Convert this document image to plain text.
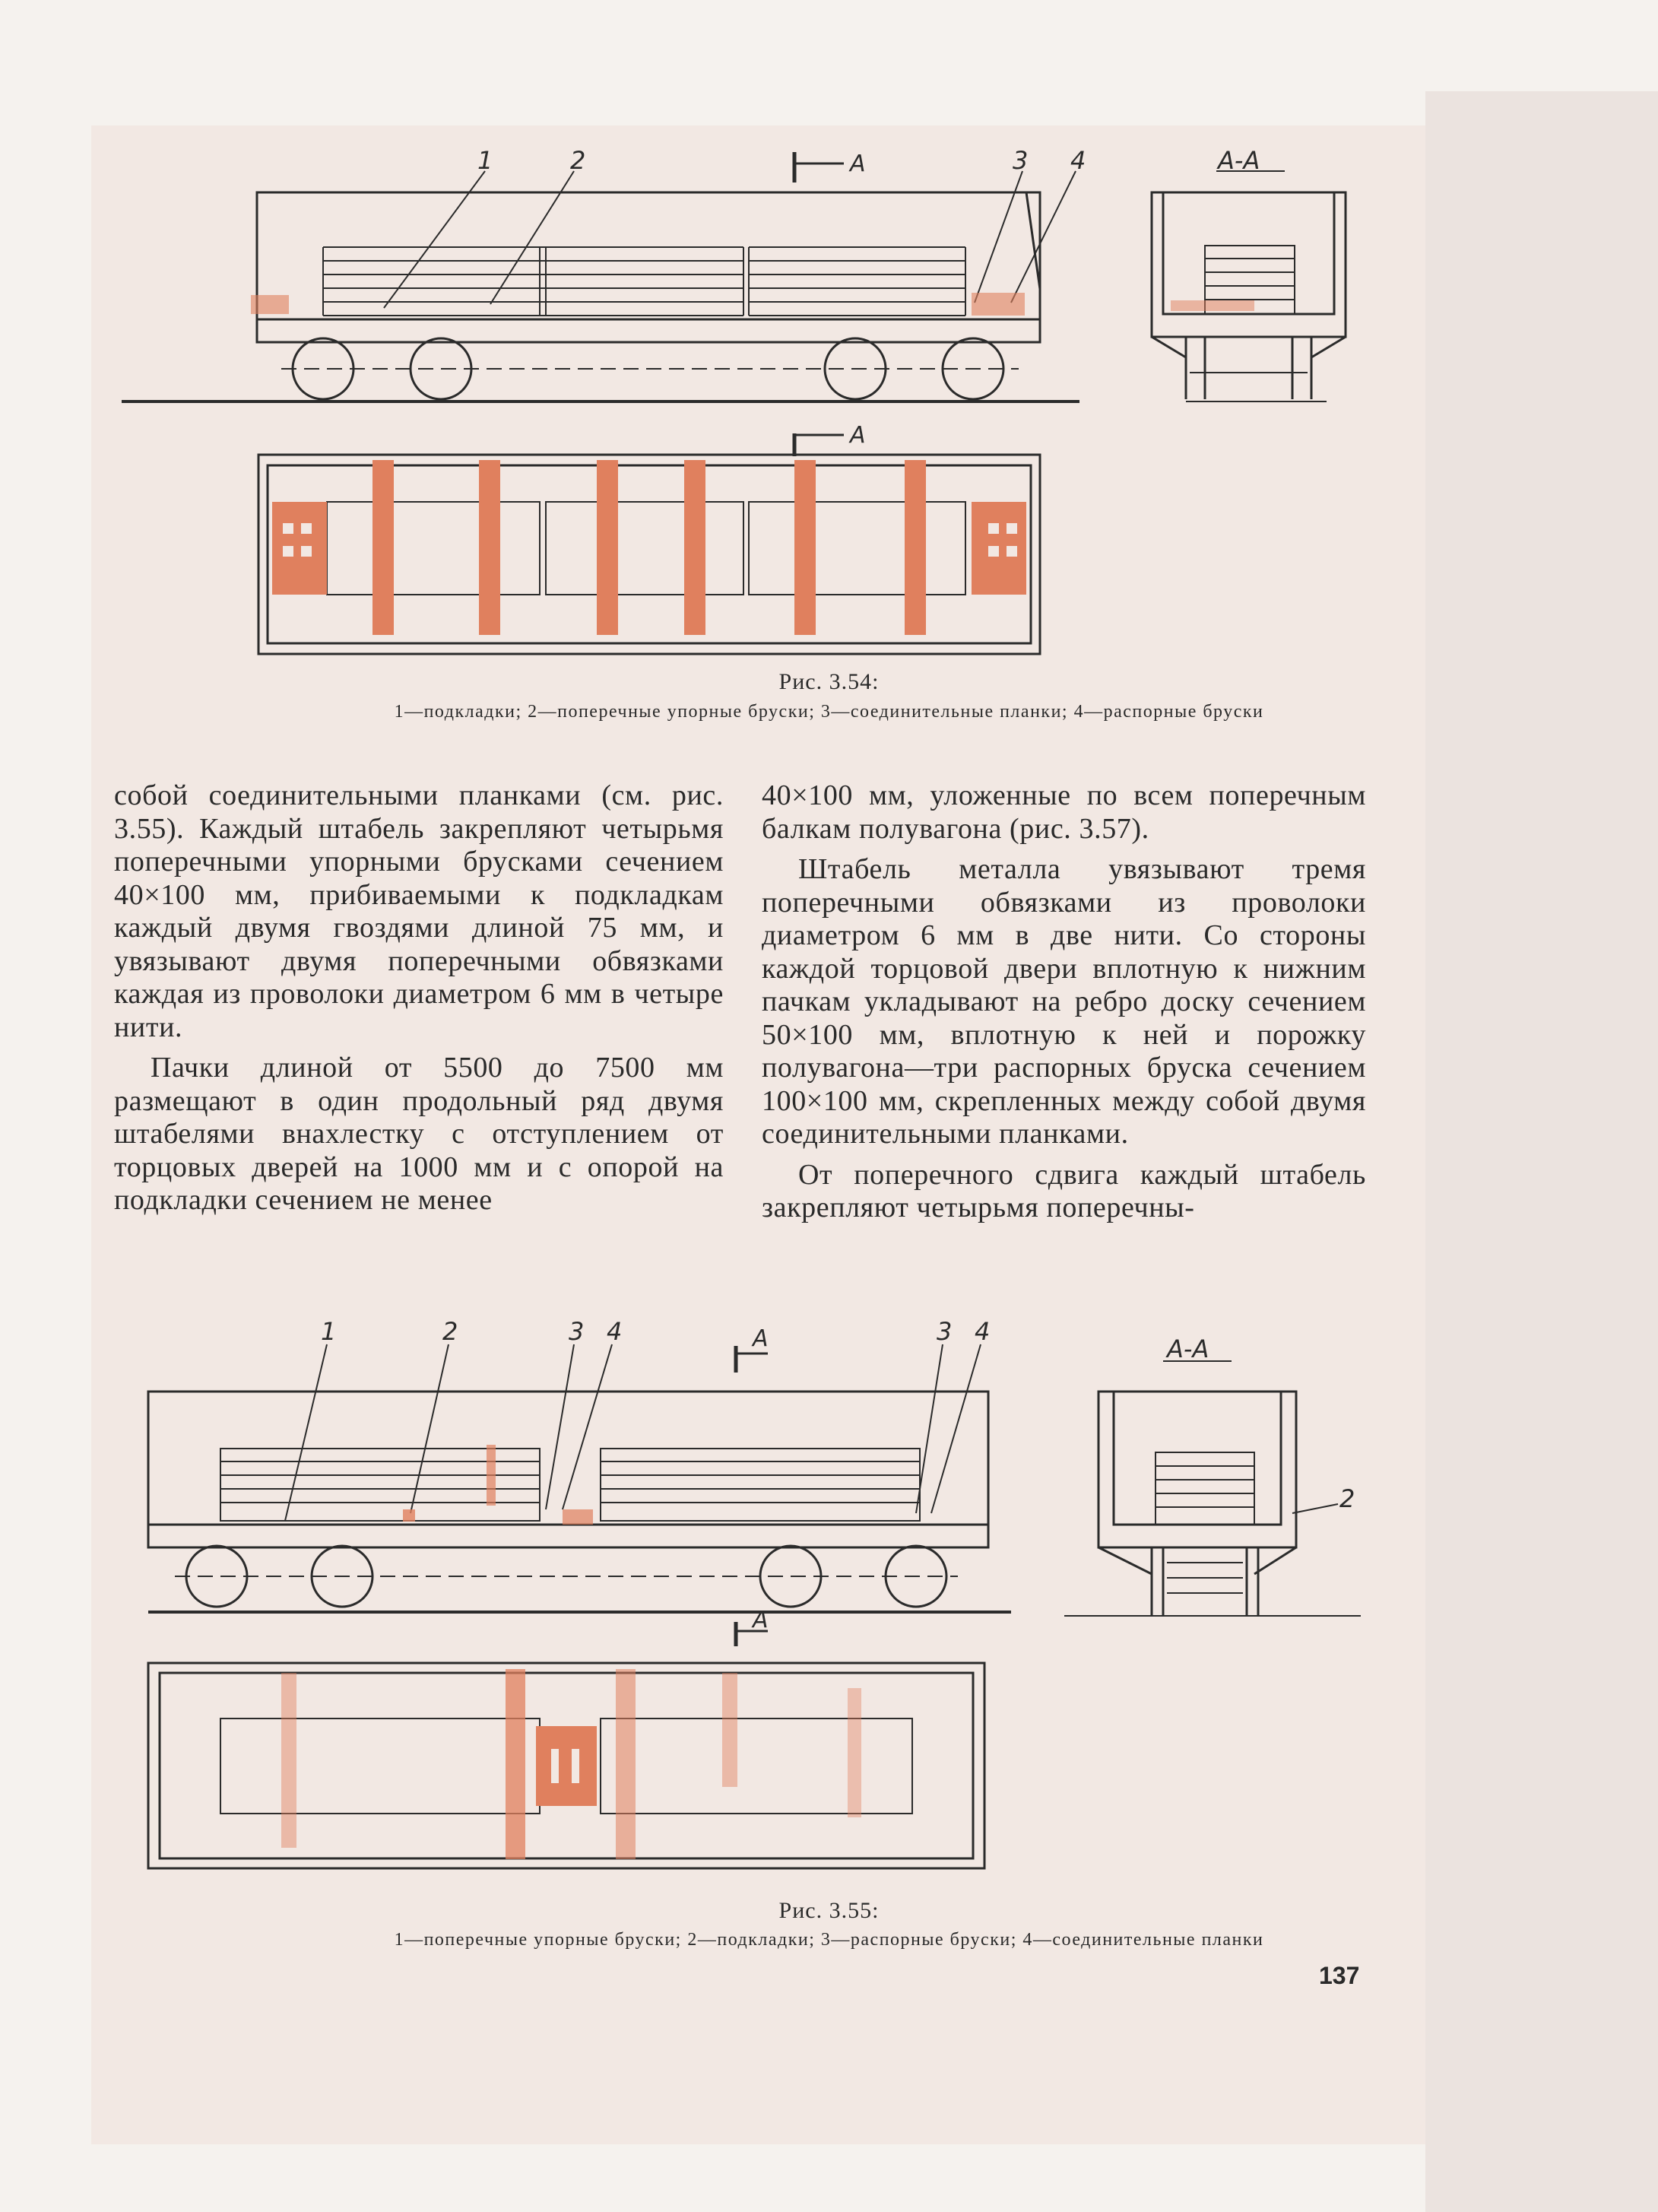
1	2	3 4
A
A
А-А
Рис. 3.54:
1—подкладки; 2—поперечные упорные бруски; 3—соединительные планки; 4—распорные бруски

собой соединительными планками (см. рис. 3.55). Каждый штабель закрепляют четырьмя поперечными упорными брусками сечением 40×100 мм, прибиваемыми к подкладкам каждый двумя гвоздями длиной 75 мм, и увязывают двумя поперечными обвязками каждая из проволоки диаметром 6 мм в четыре нити.

Пачки длиной от 5500 до 7500 мм размещают в один продольный ряд двумя штабелями внахлестку с отступлением от торцовых дверей на 1000 мм и с опорой на подкладки сечением не менее

40×100 мм, уложенные по всем поперечным балкам полувагона (рис. 3.57).

Штабель металла увязывают тремя поперечными обвязками из проволоки диаметром 6 мм в две нити. Со стороны каждой торцовой двери вплотную к нижним пачкам укладывают на ребро доску сечением 50×100 мм, вплотную к ней и порожку полувагона—три распорных бруска сечением 100×100 мм, скрепленных между собой двумя соединительными планками.

От поперечного сдвига каждый штабель закрепляют четырьмя поперечны-

1	2	3 4	3 4
A
A
А-А
2
Рис. 3.55:
1—поперечные упорные бруски; 2—подкладки; 3—распорные бруски; 4—соединительные планки
137
